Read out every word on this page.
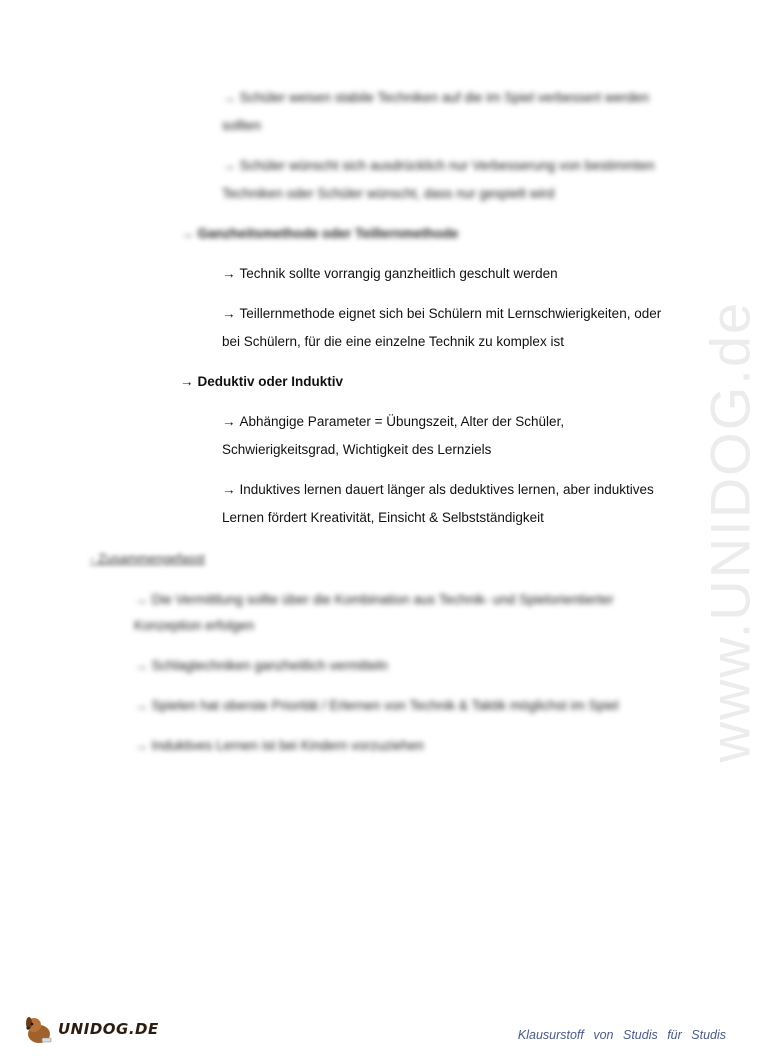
www.UNIDOG.de
→ Schüler weisen stabile Techniken auf die im Spiel verbessert werden
sollten
→ Schüler wünscht sich ausdrücklich nur Verbesserung von bestimmten
Techniken oder Schüler wünscht, dass nur gespielt wird
→ Ganzheitsmethode oder Teillernmethode
→ Technik sollte vorrangig ganzheitlich geschult werden
→ Teillernmethode eignet sich bei Schülern mit Lernschwierigkeiten, oder
bei Schülern, für die eine einzelne Technik zu komplex ist
→ Deduktiv oder Induktiv
→ Abhängige Parameter = Übungszeit, Alter der Schüler,
Schwierigkeitsgrad, Wichtigkeit des Lernziels
→ Induktives lernen dauert länger als deduktives lernen, aber induktives
Lernen fördert Kreativität, Einsicht & Selbstständigkeit
- Zusammengefasst
→ Die Vermittlung sollte über die Kombination aus Technik- und Spielorientierter
Konzeption erfolgen
→ Schlagtechniken ganzheitlich vermitteln
→ Spielen hat oberste Priorität / Erlernen von Technik & Taktik möglichst im Spiel
→ Induktives Lernen ist bei Kindern vorzuziehen
UNIDOG.DE	Klausurstoff von Studis für Studis
